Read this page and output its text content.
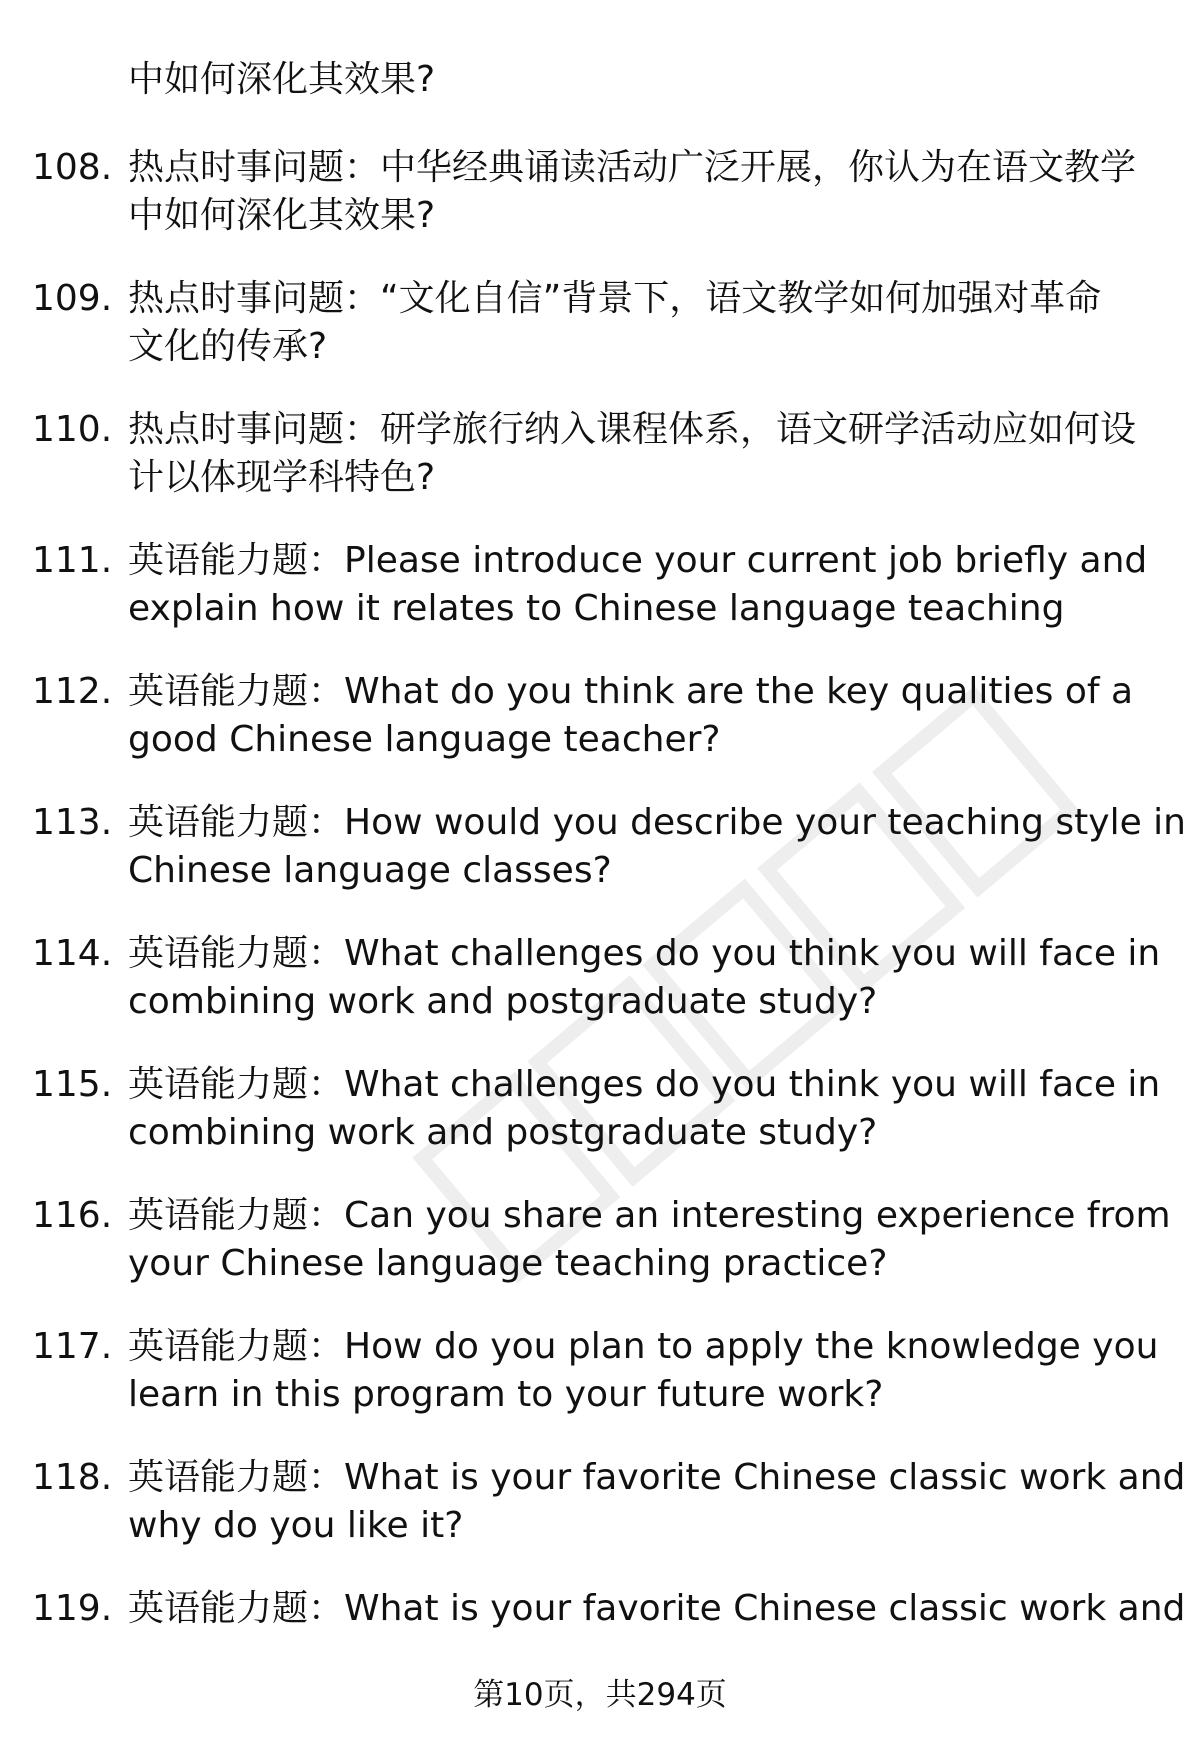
中如何深化其效果?
108. 热点时事问题：中华经典诵读活动广泛开展，你认为在语文教学
中如何深化其效果?
109. 热点时事问题：“文化自信”背景下，语文教学如何加强对革命
文化的传承?
110. 热点时事问题：研学旅行纳入课程体系，语文研学活动应如何设
计以体现学科特色?
111. 英语能力题：Please introduce your current job briefly and
explain how it relates to Chinese language teaching
112. 英语能力题：What do you think are the key qualities of a
good Chinese language teacher?
113. 英语能力题：How would you describe your teaching style in
Chinese language classes?
114. 英语能力题：What challenges do you think you will face in
combining work and postgraduate study?
115. 英语能力题：What challenges do you think you will face in
combining work and postgraduate study?
116. 英语能力题：Can you share an interesting experience from
your Chinese language teaching practice?
117. 英语能力题：How do you plan to apply the knowledge you
learn in this program to your future work?
118. 英语能力题：What is your favorite Chinese classic work and
why do you like it?
119. 英语能力题：What is your favorite Chinese classic work and
第10页，共294页
